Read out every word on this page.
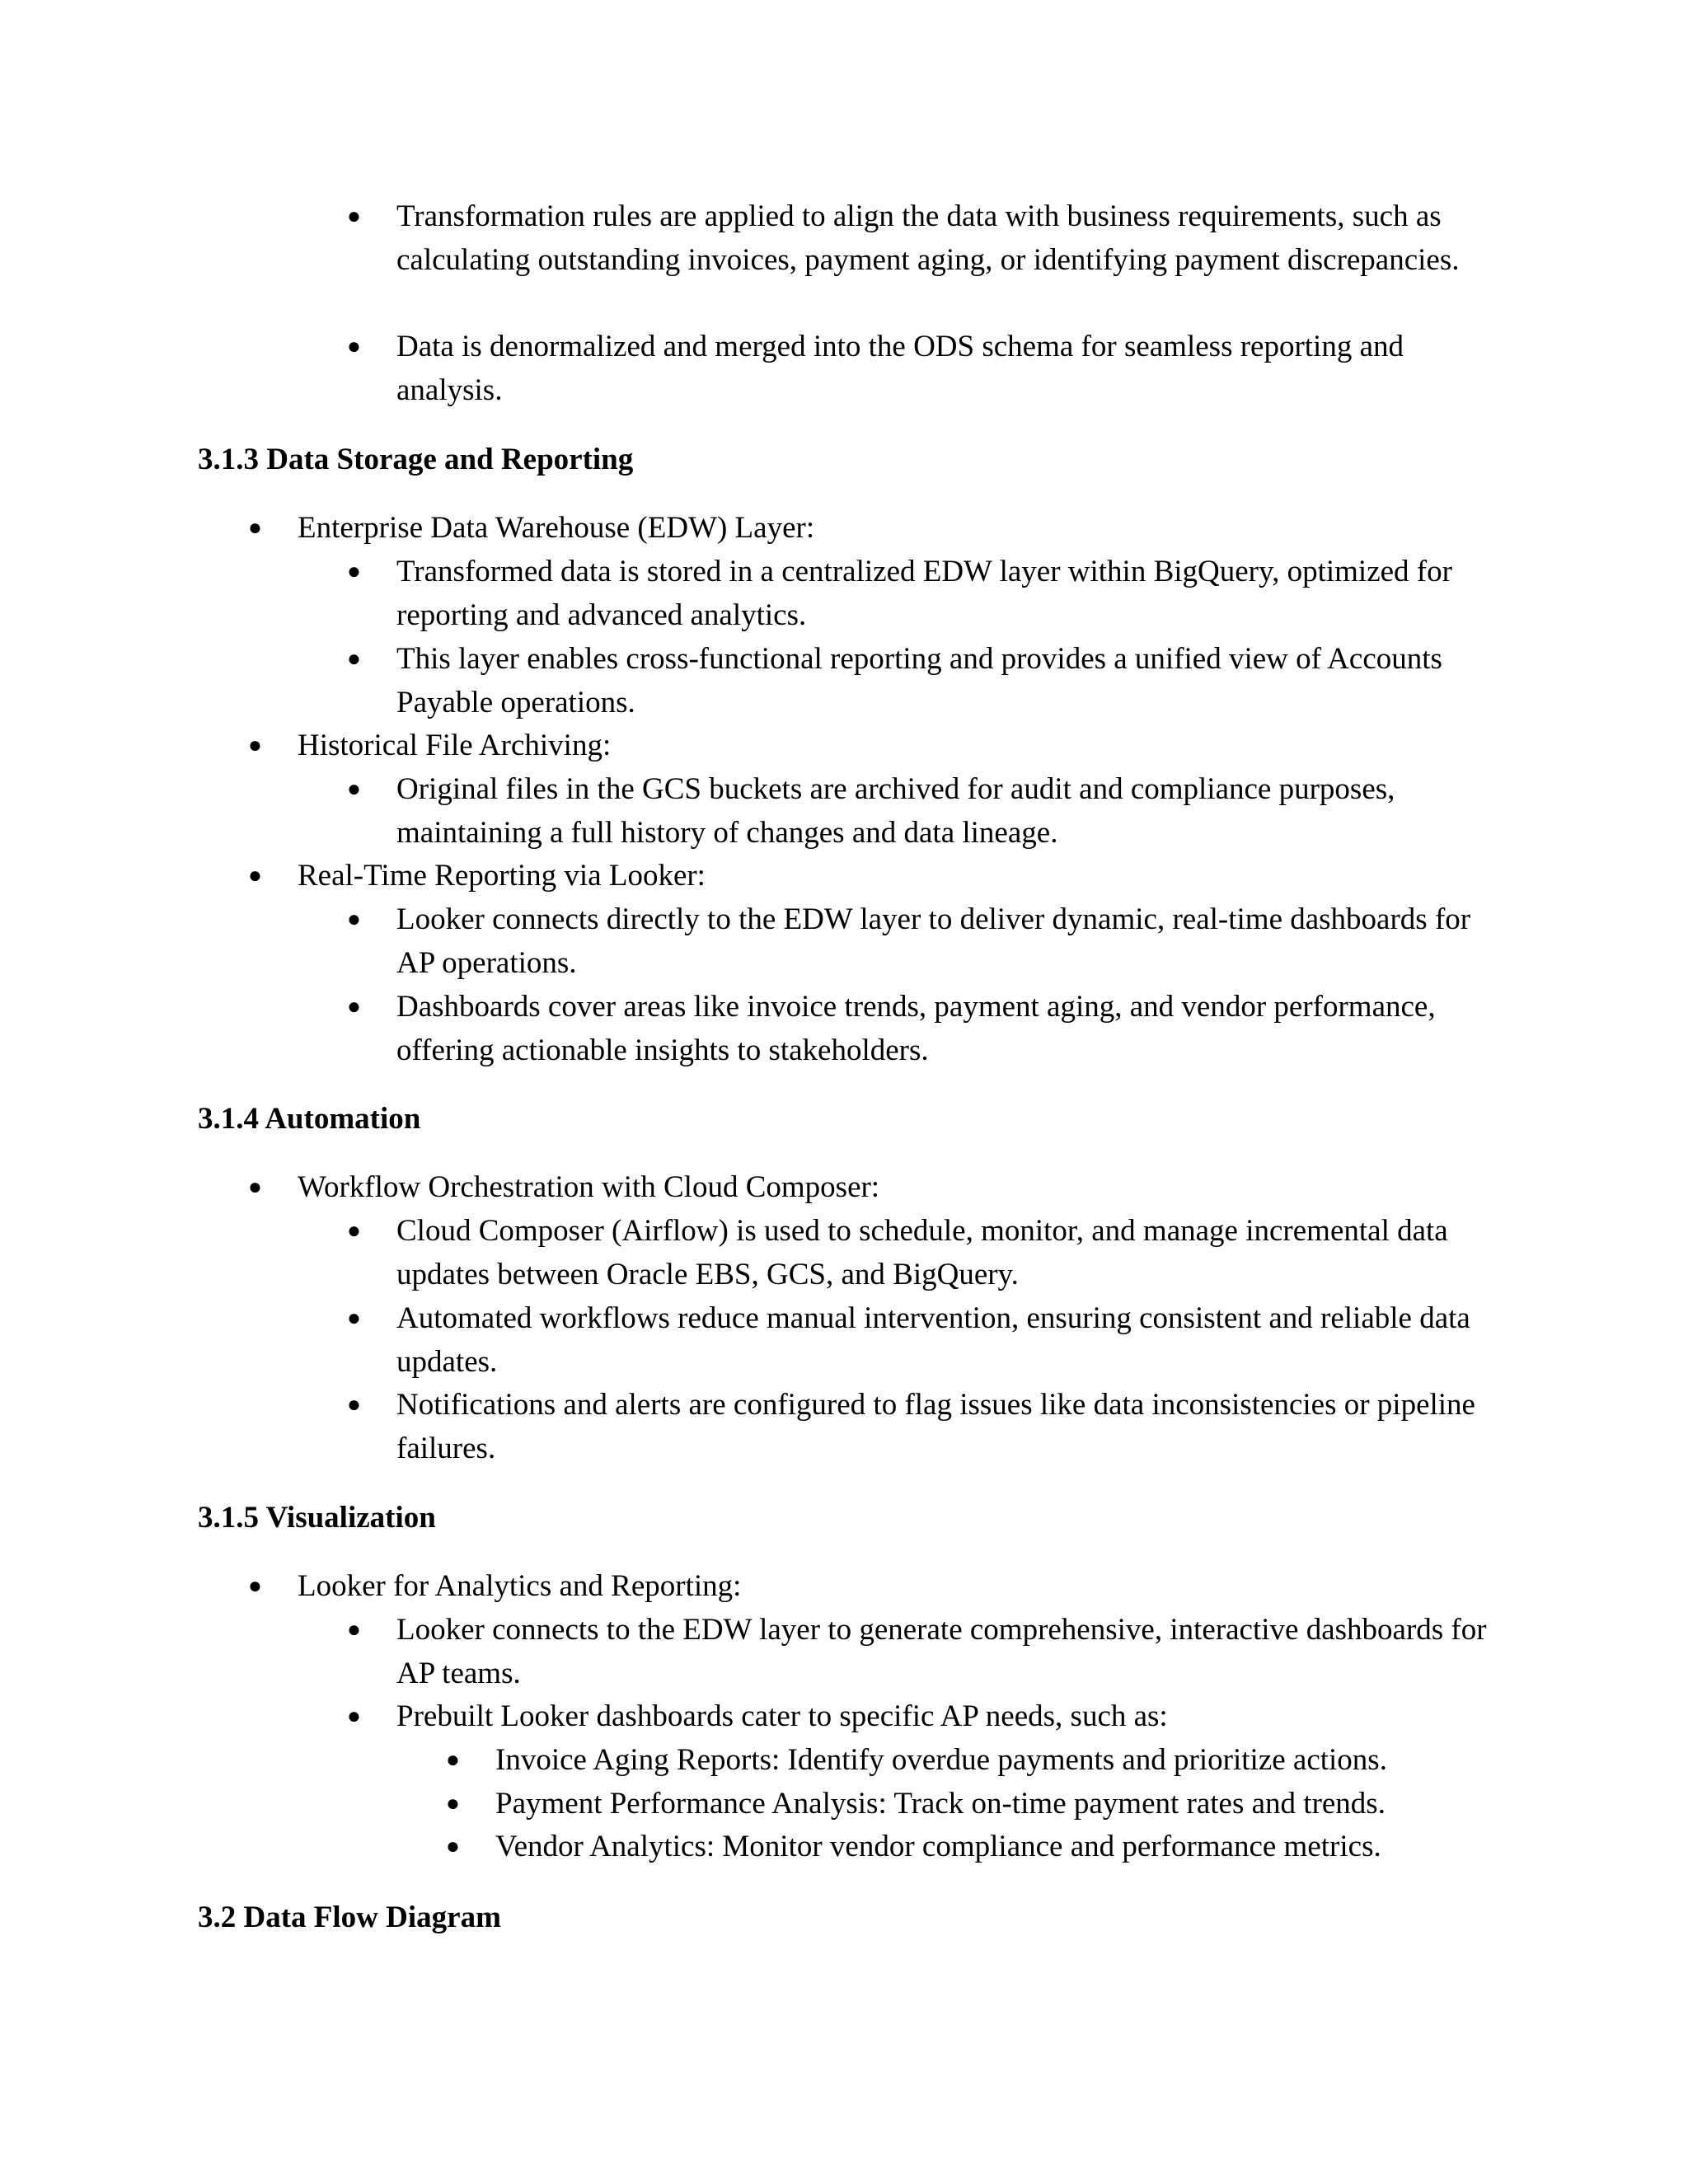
● Transformation rules are applied to align the data with business requirements, such as calculating outstanding invoices, payment aging, or identifying payment discrepancies.
● Data is denormalized and merged into the ODS schema for seamless reporting and analysis.
3.1.3 Data Storage and Reporting
● Enterprise Data Warehouse (EDW) Layer:
● Transformed data is stored in a centralized EDW layer within BigQuery, optimized for reporting and advanced analytics.
● This layer enables cross-functional reporting and provides a unified view of Accounts Payable operations.
● Historical File Archiving:
● Original files in the GCS buckets are archived for audit and compliance purposes, maintaining a full history of changes and data lineage.
● Real-Time Reporting via Looker:
● Looker connects directly to the EDW layer to deliver dynamic, real-time dashboards for AP operations.
● Dashboards cover areas like invoice trends, payment aging, and vendor performance, offering actionable insights to stakeholders.
3.1.4 Automation
● Workflow Orchestration with Cloud Composer:
● Cloud Composer (Airflow) is used to schedule, monitor, and manage incremental data updates between Oracle EBS, GCS, and BigQuery.
● Automated workflows reduce manual intervention, ensuring consistent and reliable data updates.
● Notifications and alerts are configured to flag issues like data inconsistencies or pipeline failures.
3.1.5 Visualization
● Looker for Analytics and Reporting:
● Looker connects to the EDW layer to generate comprehensive, interactive dashboards for AP teams.
● Prebuilt Looker dashboards cater to specific AP needs, such as:
● Invoice Aging Reports: Identify overdue payments and prioritize actions.
● Payment Performance Analysis: Track on-time payment rates and trends.
● Vendor Analytics: Monitor vendor compliance and performance metrics.
3.2 Data Flow Diagram
